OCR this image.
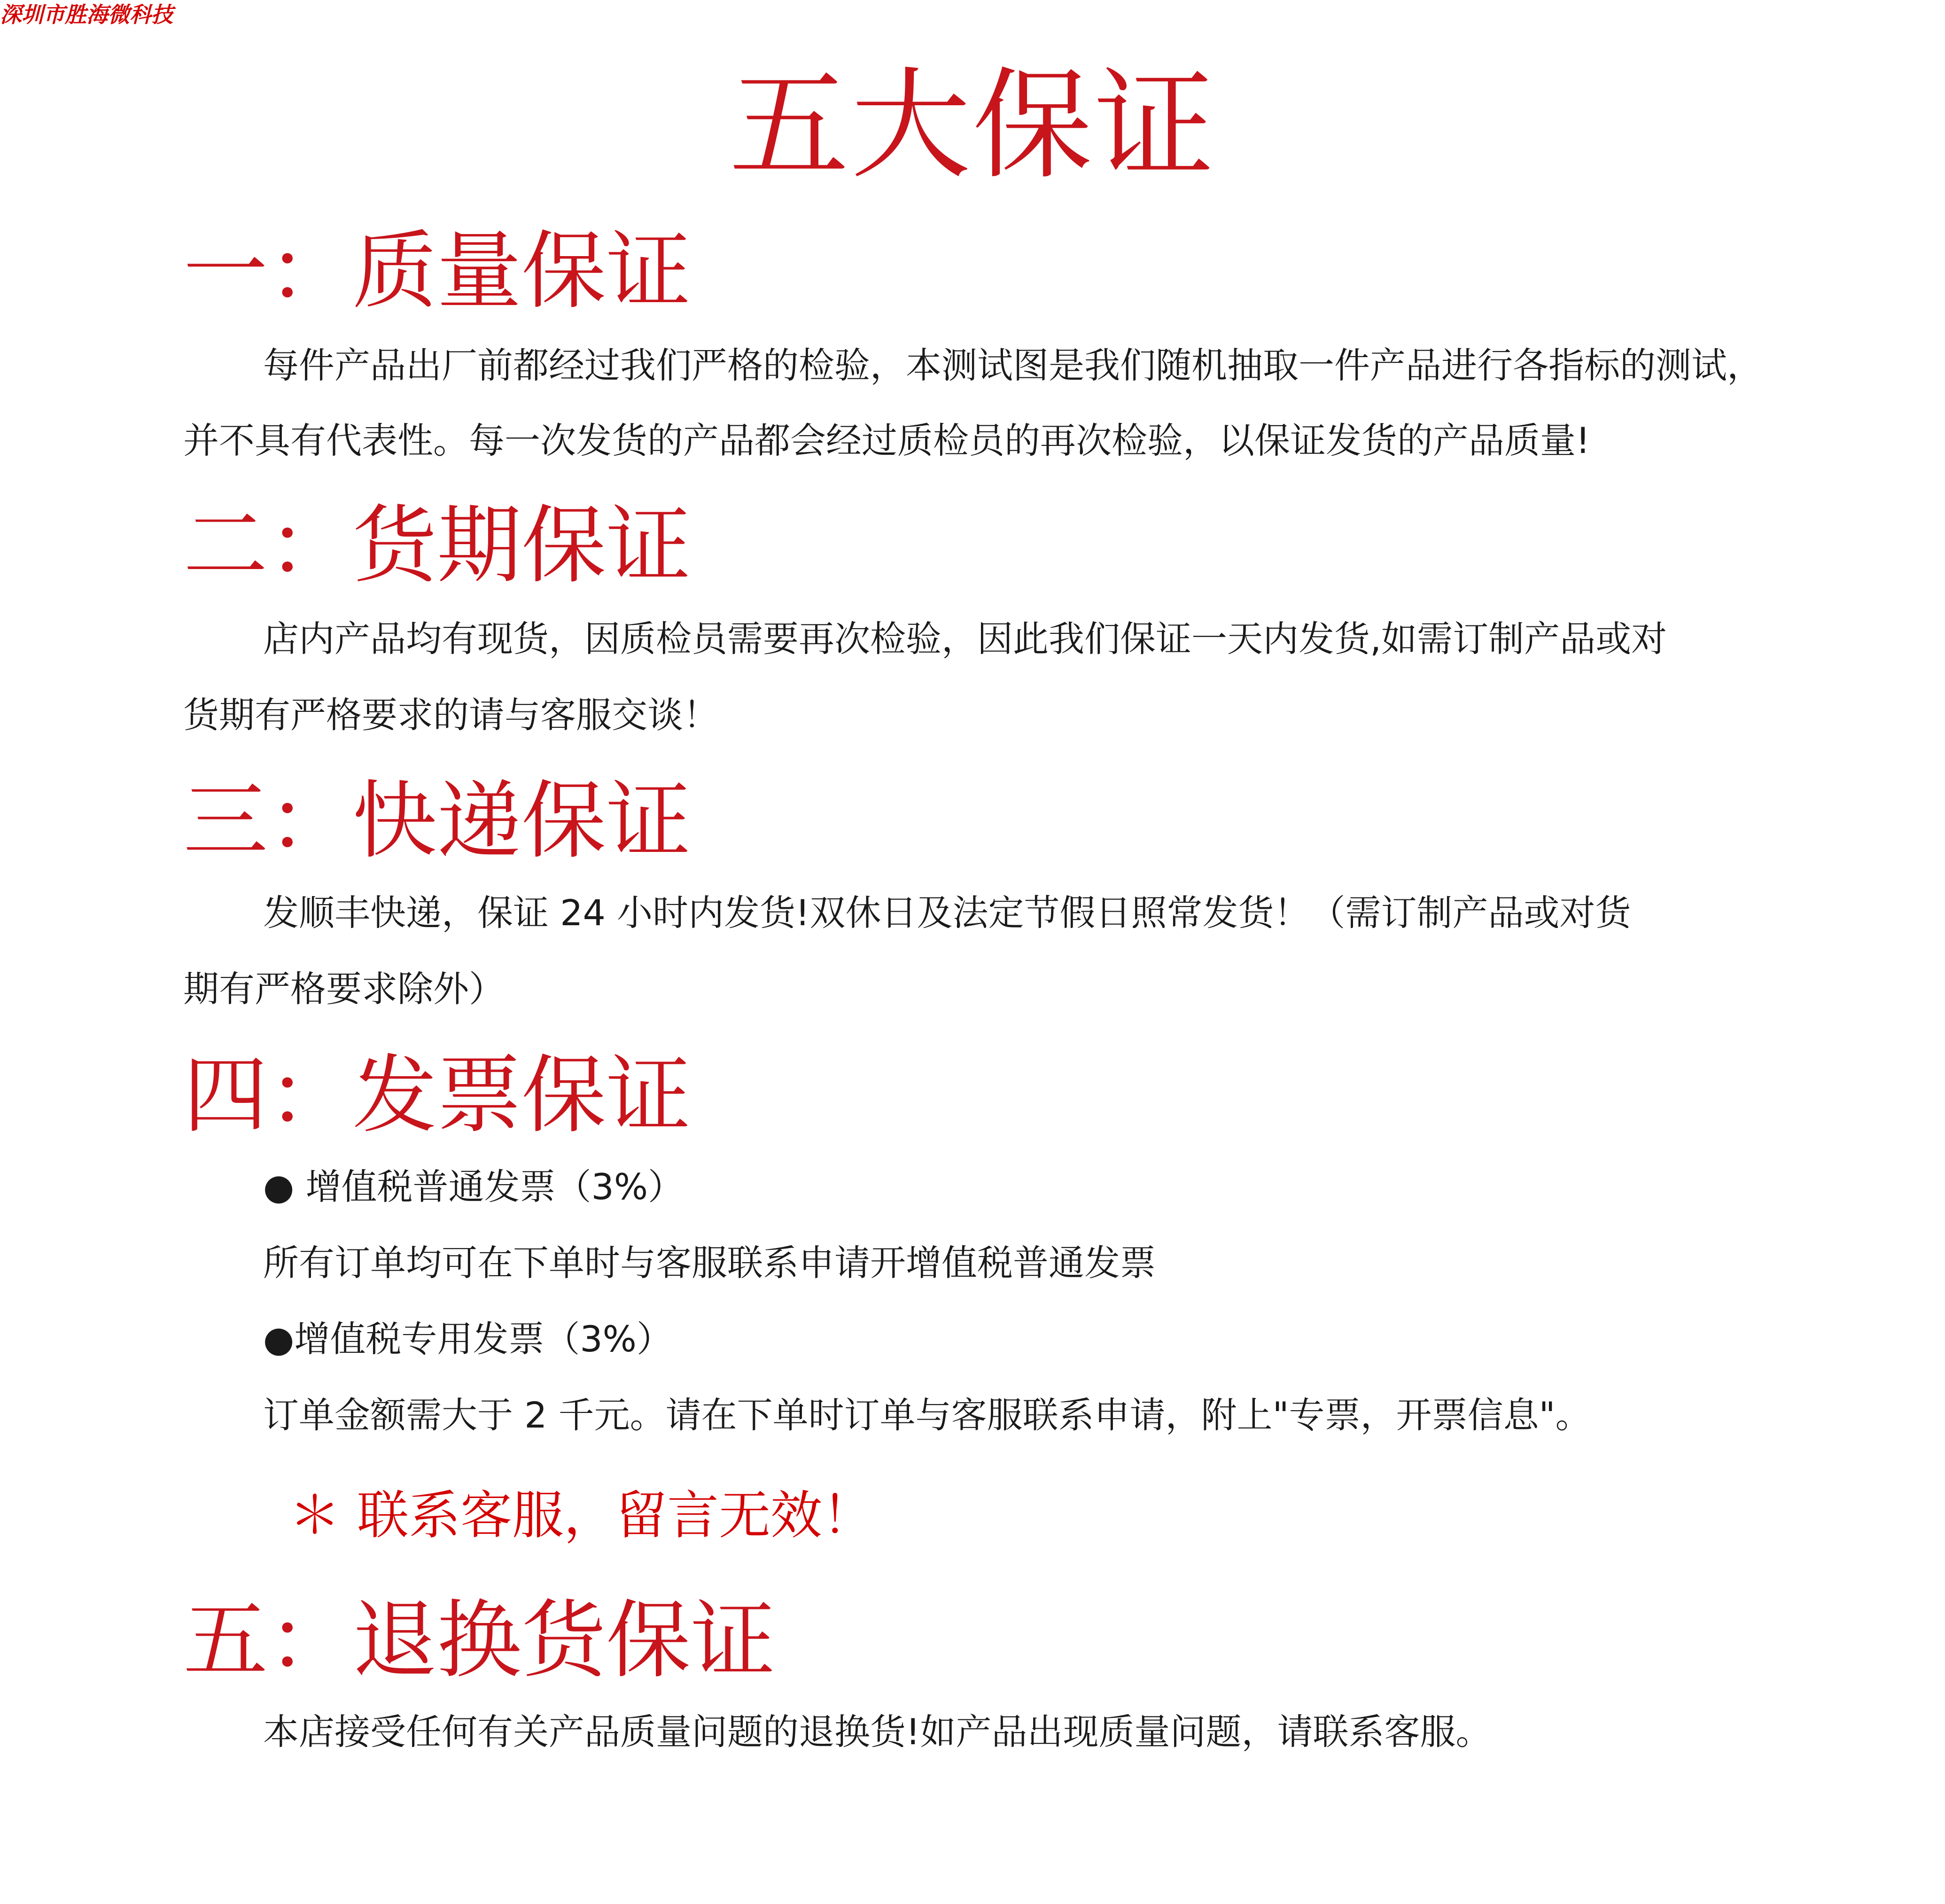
深圳市胜海微科技
五大保证
一：质量保证
每件产品出厂前都经过我们严格的检验，本测试图是我们随机抽取一件产品进行各指标的测试，
并不具有代表性。每一次发货的产品都会经过质检员的再次检验，以保证发货的产品质量!
二：货期保证
店内产品均有现货，因质检员需要再次检验，因此我们保证一天内发货,如需订制产品或对
货期有严格要求的请与客服交谈！
三：快递保证
发顺丰快递，保证 24 小时内发货!双休日及法定节假日照常发货！（需订制产品或对货
期有严格要求除外）
四：发票保证
● 增值税普通发票（3%）
所有订单均可在下单时与客服联系申请开增值税普通发票
●增值税专用发票（3%）
订单金额需大于 2 千元。请在下单时订单与客服联系申请，附上"专票，开票信息"。
＊ 联系客服，留言无效！
五：退换货保证
本店接受任何有关产品质量问题的退换货!如产品出现质量问题，请联系客服。
